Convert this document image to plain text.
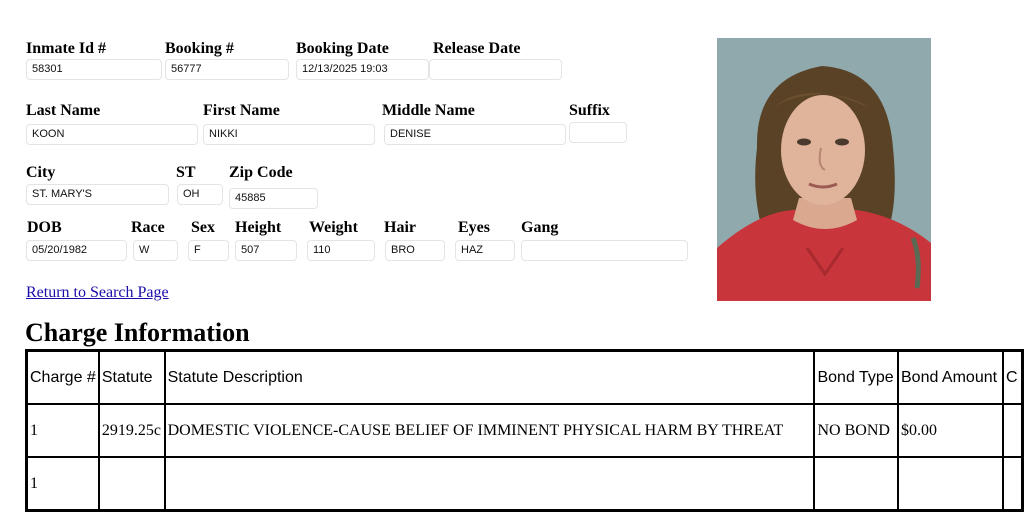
Inmate Id #
58301
Booking #
56777
Booking Date
12/13/2025 19:03
Release Date
Last Name
KOON
First Name
NIKKI
Middle Name
DENISE
Suffix
City
ST. MARY'S
ST
OH
Zip Code
45885
DOB
05/20/1982
Race
W
Sex
F
Height
507
Weight
110
Hair
BRO
Eyes
HAZ
Gang
Return to Search Page
Charge Information
Charge #	Statute	Statute Description	Bond Type	Bond Amount	C
1	2919.25c	DOMESTIC VIOLENCE-CAUSE BELIEF OF IMMINENT PHYSICAL HARM BY THREAT	NO BOND	$0.00	
1					
